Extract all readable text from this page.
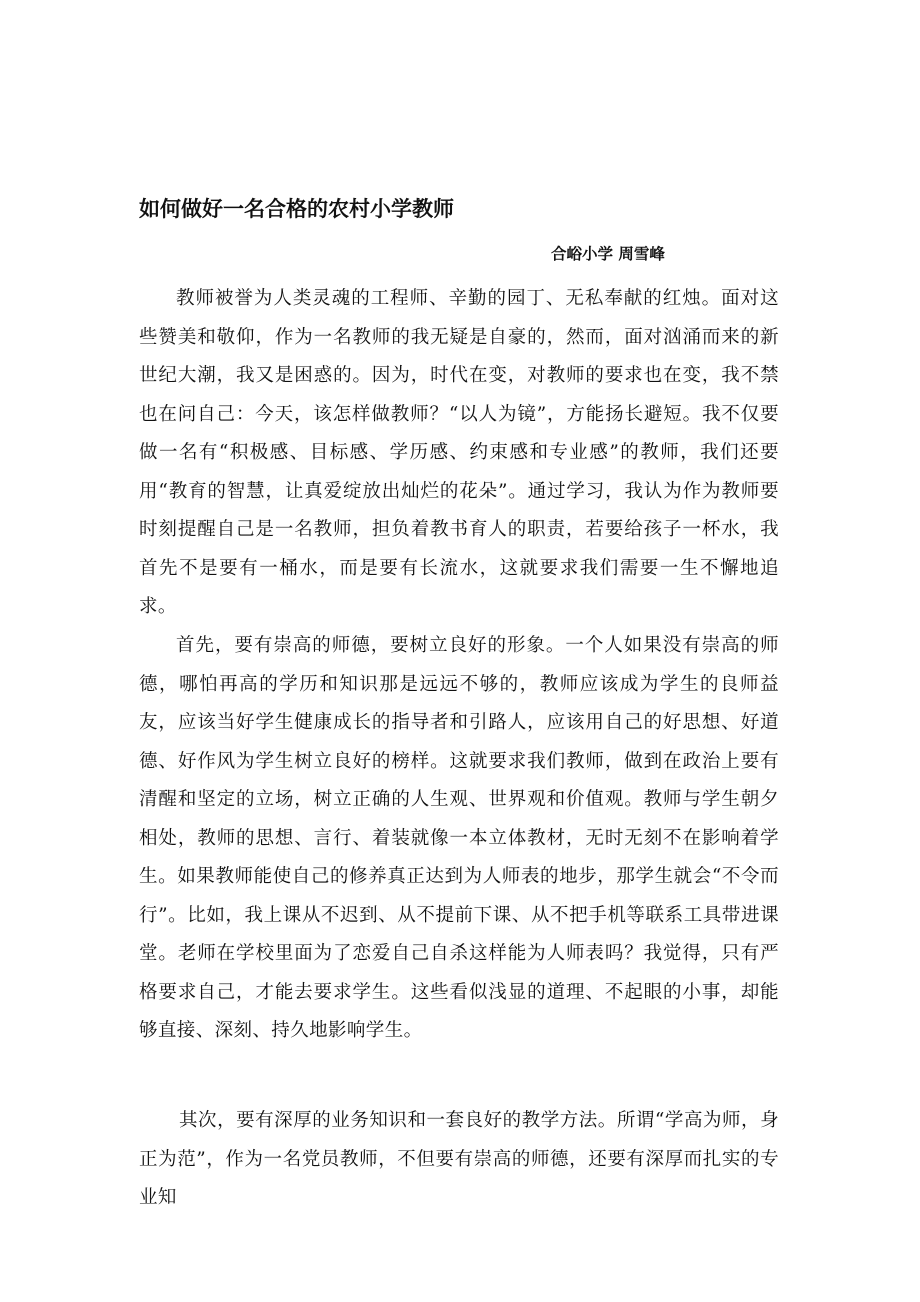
如何做好一名合格的农村小学教师

合峪小学 周雪峰

教师被誉为人类灵魂的工程师、辛勤的园丁、无私奉献的红烛。面对这些赞美和敬仰，作为一名教师的我无疑是自豪的，然而，面对汹涌而来的新世纪大潮，我又是困惑的。因为，时代在变，对教师的要求也在变，我不禁也在问自己：今天，该怎样做教师？“以人为镜”，方能扬长避短。我不仅要做一名有“积极感、目标感、学历感、约束感和专业感”的教师，我们还要用“教育的智慧，让真爱绽放出灿烂的花朵”。通过学习，我认为作为教师要时刻提醒自己是一名教师，担负着教书育人的职责，若要给孩子一杯水，我首先不是要有一桶水，而是要有长流水，这就要求我们需要一生不懈地追求。

首先，要有崇高的师德，要树立良好的形象。一个人如果没有崇高的师德，哪怕再高的学历和知识那是远远不够的，教师应该成为学生的良师益友，应该当好学生健康成长的指导者和引路人，应该用自己的好思想、好道德、好作风为学生树立良好的榜样。这就要求我们教师，做到在政治上要有清醒和坚定的立场，树立正确的人生观、世界观和价值观。教师与学生朝夕相处，教师的思想、言行、着装就像一本立体教材，无时无刻不在影响着学生。如果教师能使自己的修养真正达到为人师表的地步，那学生就会“不令而行”。比如，我上课从不迟到、从不提前下课、从不把手机等联系工具带进课堂。老师在学校里面为了恋爱自己自杀这样能为人师表吗？我觉得，只有严格要求自己，才能去要求学生。这些看似浅显的道理、不起眼的小事，却能够直接、深刻、持久地影响学生。

其次，要有深厚的业务知识和一套良好的教学方法。所谓“学高为师，身正为范”，作为一名党员教师，不但要有崇高的师德，还要有深厚而扎实的专业知
